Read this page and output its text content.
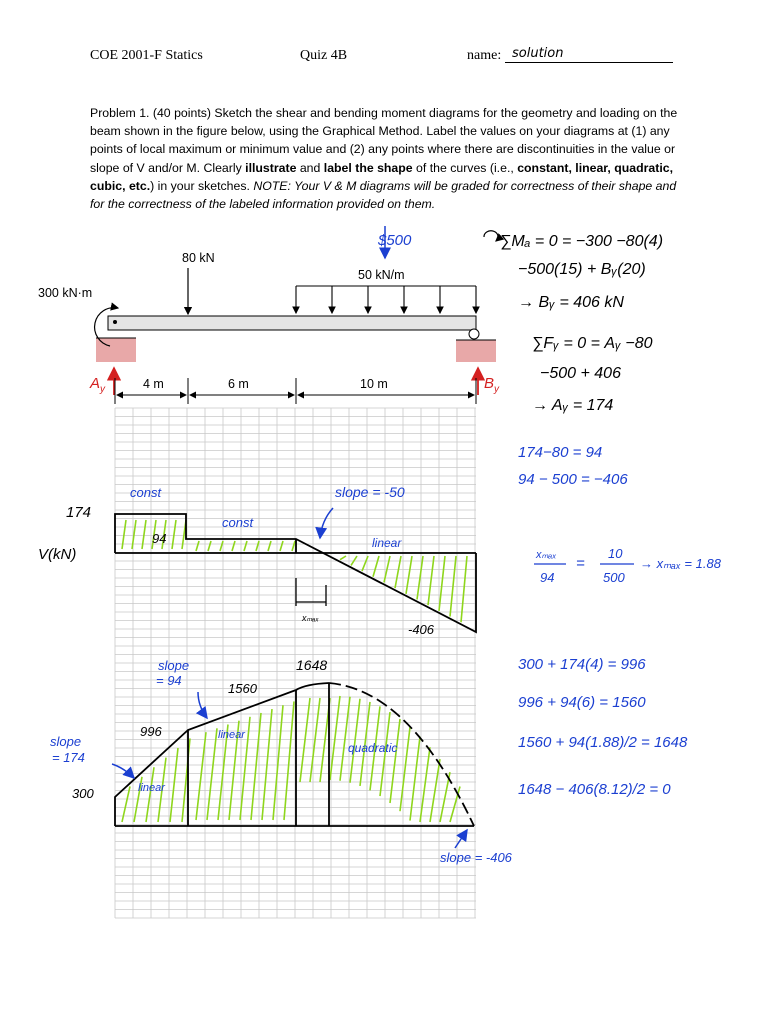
COE 2001-F Statics	Quiz 4B	name: solution

Problem 1. (40 points) Sketch the shear and bending moment diagrams for the geometry and loading on the beam shown in the figure below, using the Graphical Method. Label the values on your diagrams at (1) any points of local maximum or minimum value and (2) any points where there are discontinuities in the value or slope of V and/or M. Clearly illustrate and label the shape of the curves (i.e., constant, linear, quadratic, cubic, etc.) in your sketches. NOTE: Your V & M diagrams will be graded for correctness of their shape and for the correctness of the labeled information provided on them.

300 kN·m
80 kN
50 kN/m
$500
$A_y$	$B_y$
4 m	6 m	10 m
xₘₐₓ
174
94
-406
V(kN)
const
const
slope = -50
linear
1648
1560
996
300
slope
= 94
slope
= 174
linear
linear
quadratic
slope = -406
∑Mₐ = 0 = −300 −80(4)
−500(15) + Bᵧ(20)
→ Bᵧ = 406 kN
∑Fᵧ = 0 = Aᵧ −80
−500 + 406
→ Aᵧ = 174
174−80 = 94
94 − 500 = −406
xₘₐₓ
94
=
10
500
→ xₘₐₓ = 1.88
300 + 174(4) = 996
996 + 94(6) = 1560
1560 + 94(1.88)/2 = 1648
1648 − 406(8.12)/2 = 0
